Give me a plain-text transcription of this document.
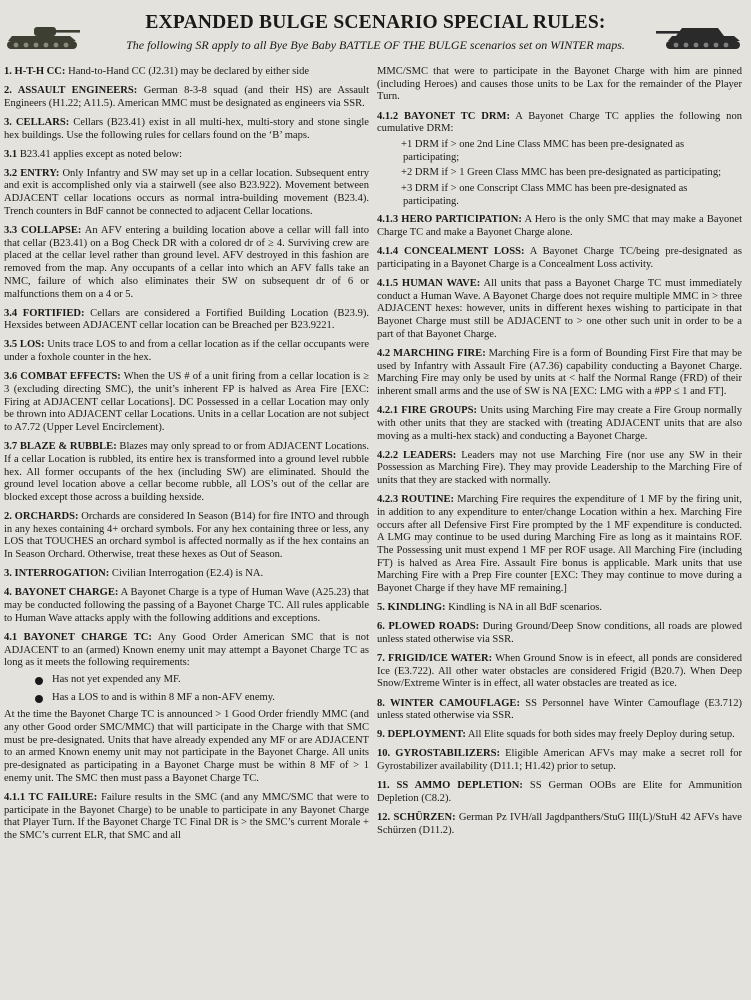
EXPANDED BULGE SCENARIO SPECIAL RULES:
The following SR apply to all Bye Bye Baby BATTLE OF THE BULGE scenarios set on WINTER maps.

1. H-T-H CC: Hand-to-Hand CC (J2.31) may be declared by either side

2. ASSAULT ENGINEERS: German 8-3-8 squad (and their HS) are Assault Engineers (H1.22; A11.5). American MMC must be designated as engineers via SSR.

3. CELLARS: Cellars (B23.41) exist in all multi-hex, multi-story and stone single hex buildings. Use the following rules for cellars found on the ‘B’ maps.

3.1 B23.41 applies except as noted below:

3.2 ENTRY: Only Infantry and SW may set up in a cellar location. Subsequent entry and exit is accomplished only via a stairwell (see also B23.922). Movement between ADJACENT cellar locations occurs as normal intra-building movement (B23.4). Trench counters in BdF cannot be connected to adjacent Cellar locations.

3.3 COLLAPSE: An AFV entering a building location above a cellar will fall into that cellar (B23.41) on a Bog Check DR with a colored dr of ≥ 4. Surviving crew are placed at the cellar level rather than ground level. AFV destroyed in this fashion are removed from the map. Any occupants of a cellar into which an AFV falls take an NMC, failure of which also eliminates their SW on subsequent dr of 6 or malfunctions them on a 4 or 5.

3.4 FORTIFIED: Cellars are considered a Fortified Building Location (B23.9). Hexsides between ADJACENT cellar location can be Breached per B23.9221.

3.5 LOS: Units trace LOS to and from a cellar location as if the cellar occupants were under a foxhole counter in the hex.

3.6 COMBAT EFFECTS: When the US # of a unit firing from a cellar location is ≥ 3 (excluding directing SMC), the unit’s inherent FP is halved as Area Fire [EXC: Firing at ADJACENT cellar Locations]. DC Possessed in a cellar Location may only be thrown into ADJACENT cellar Locations. Units in a cellar Location are not subject to A7.72 (Upper Level Encirclement).

3.7 BLAZE & RUBBLE: Blazes may only spread to or from ADJACENT Locations. If a cellar Location is rubbled, its entire hex is transformed into a ground level rubble hex. All former occupants of the hex (including SW) are eliminated. Should the ground level location above a cellar become rubble, all LOS’s out of the cellar are blocked except those across a building hexside.

2. ORCHARDS: Orchards are considered In Season (B14) for fire INTO and through in any hexes containing 4+ orchard symbols. For any hex containing three or less, any LOS that TOUCHES an orchard symbol is affected normally as if the hex contains an In Season Orchard. Otherwise, treat these hexes as Out of Season.

3. INTERROGATION: Civilian Interrogation (E2.4) is NA.

4. BAYONET CHARGE: A Bayonet Charge is a type of Human Wave (A25.23) that may be conducted following the passing of a Bayonet Charge TC. All rules applicable to Human Wave attacks apply with the following additions and exceptions.

4.1 BAYONET CHARGE TC: Any Good Order American SMC that is not ADJACENT to an (armed) Known enemy unit may attempt a Bayonet Charge TC as long as it meets the following requirements:

Has not yet expended any MF.
Has a LOS to and is within 8 MF a non-AFV enemy.

At the time the Bayonet Charge TC is announced > 1 Good Order friendly MMC (and any other Good order SMC/MMC) that will participate in the Charge with that SMC must be pre-designated. Units that have already expended any MF or are ADJACENT to an armed Known enemy unit may not participate in the Bayonet Charge. All units pre-designated as participating in a Bayonet Charge must be within 8 MF of > 1 enemy unit. The SMC then must pass a Bayonet Charge TC.

4.1.1 TC FAILURE: Failure results in the SMC (and any MMC/SMC that were to participate in the Bayonet Charge) to be unable to participate in any Bayonet Charge that Player Turn. If the Bayonet Charge TC Final DR is > the SMC’s current Morale + the SMC’s current ELR, that SMC and all

MMC/SMC that were to participate in the Bayonet Charge with him are pinned (including Heroes) and causes those units to be Lax for the remainder of the Player Turn.

4.1.2 BAYONET TC DRM: A Bayonet Charge TC applies the following non cumulative DRM:

+1 DRM if > one 2nd Line Class MMC has been pre-designated as participating;
+2 DRM if > 1 Green Class MMC has been pre-designated as participating;
+3 DRM if > one Conscript Class MMC has been pre-designated as participating.

4.1.3 HERO PARTICIPATION: A Hero is the only SMC that may make a Bayonet Charge TC and make a Bayonet Charge alone.

4.1.4 CONCEALMENT LOSS: A Bayonet Charge TC/being pre-designated as participating in a Bayonet Charge is a Concealment Loss activity.

4.1.5 HUMAN WAVE: All units that pass a Bayonet Charge TC must immediately conduct a Human Wave. A Bayonet Charge does not require multiple MMC in > three ADJACENT hexes: however, units in different hexes wishing to participate in that Bayonet Charge must still be ADJACENT to > one other such unit in order to be a part of that Bayonet Charge.

4.2 MARCHING FIRE: Marching Fire is a form of Bounding First Fire that may be used by Infantry with Assault Fire (A7.36) capability conducting a Bayonet Charge. Marching Fire may only be used by units at < half the Normal Range (FRD) of their inherent small arms and the use of SW is NA [EXC: LMG with a #PP ≤ 1 and FT].

4.2.1 FIRE GROUPS: Units using Marching Fire may create a Fire Group normally with other units that they are stacked with (treating ADJACENT units that are also moving as a multi-hex stack) and conducting a Bayonet Charge.

4.2.2 LEADERS: Leaders may not use Marching Fire (nor use any SW in their Possession as Marching Fire). They may provide Leadership to the Marching Fire of units that they are stacked with normally.

4.2.3 ROUTINE: Marching Fire requires the expenditure of 1 MF by the firing unit, in addition to any expenditure to enter/change Location within a hex. Marching Fire occurs after all Defensive First Fire prompted by the 1 MF expenditure is conducted. A LMG may continue to be used during Marching Fire as long as it maintains ROF. The Possessing unit must expend 1 MF per ROF usage. All Marching Fire (including FT) is halved as Area Fire. Assault Fire bonus is applicable. Mark units that use Marching Fire with a Prep Fire counter [EXC: They may continue to move during a Bayonet Charge if they have MF remaining.]

5. KINDLING: Kindling is NA in all BdF scenarios.

6. PLOWED ROADS: During Ground/Deep Snow conditions, all roads are plowed unless stated otherwise via SSR.

7. FRIGID/ICE WATER: When Ground Snow is in efeect, all ponds are considered Ice (E3.722). All other water obstacles are considered Frigid (B20.7). When Deep Snow/Extreme Winter is in effect, all water obstacles are treated as ice.

8. WINTER CAMOUFLAGE: SS Personnel have Winter Camouflage (E3.712) unless stated otherwise via SSR.

9. DEPLOYMENT: All Elite squads for both sides may freely Deploy during setup.

10. GYROSTABILIZERS: Eligible American AFVs may make a secret roll for Gyrostabilizer availability (D11.1; H1.42) prior to setup.

11. SS AMMO DEPLETION: SS German OOBs are Elite for Ammunition Depletion (C8.2).

12. SCHÜRZEN: German Pz IVH/all Jagdpanthers/StuG III(L)/StuH 42 AFVs have Schürzen (D11.2).
